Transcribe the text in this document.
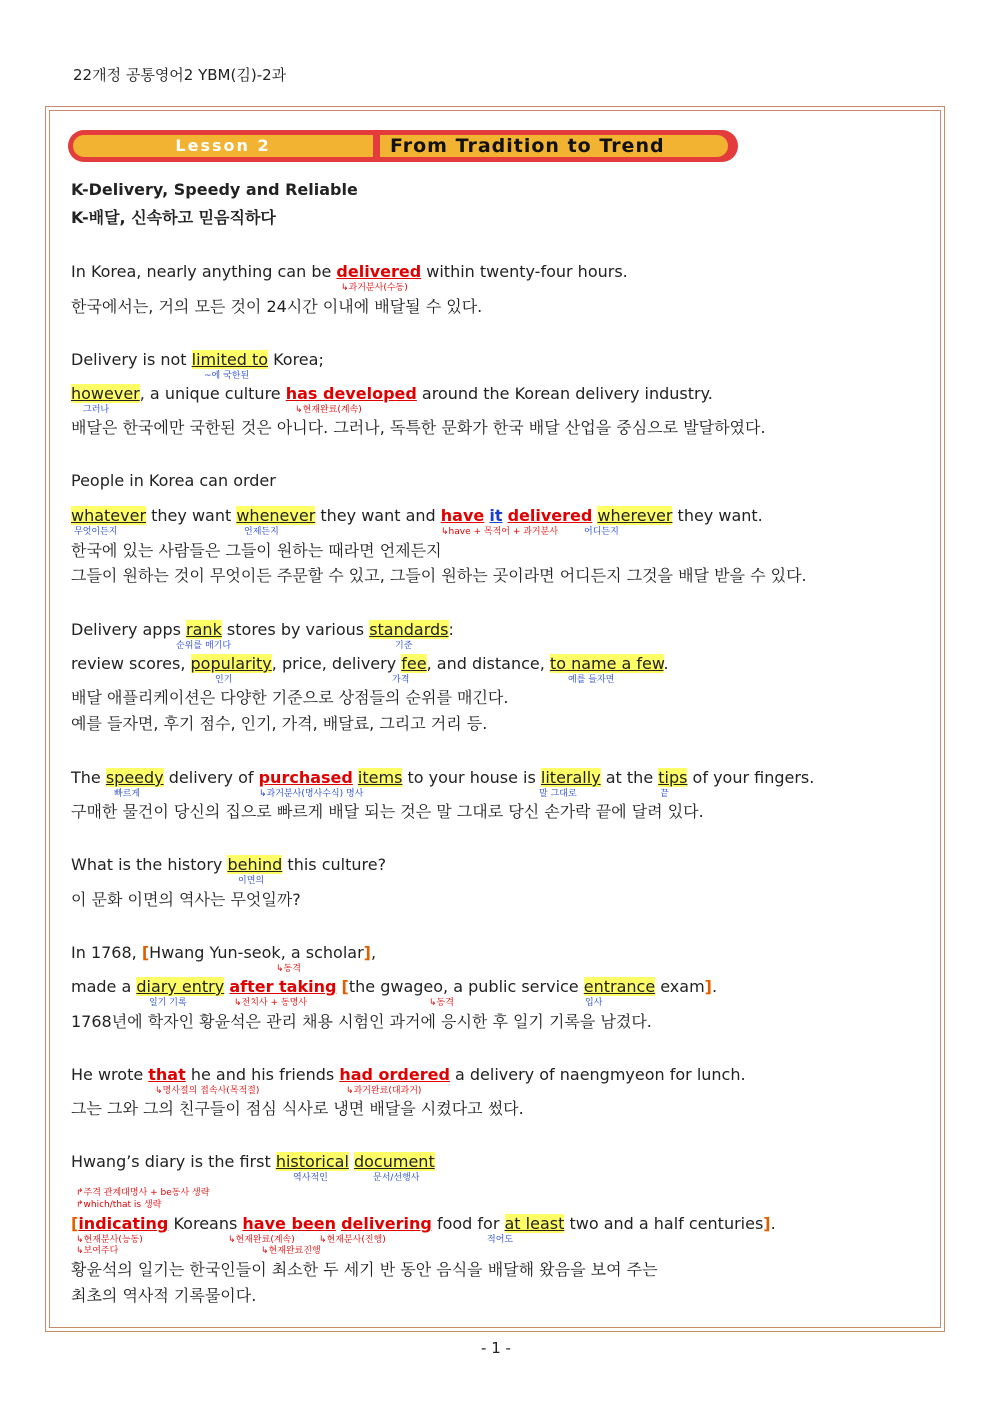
22개정 공통영어2 YBM(김)-2과
Lesson 2	From Tradition to Trend
K-Delivery, Speedy and Reliable
K-배달, 신속하고 믿음직하다
In Korea, nearly anything can be delivered within twenty-four hours.
↳과거분사(수동)
한국에서는, 거의 모든 것이 24시간 이내에 배달될 수 있다.
Delivery is not limited to Korea;
~에 국한된
however, a unique culture has developed around the Korean delivery industry.
그러나	↳현재완료(계속)
배달은 한국에만 국한된 것은 아니다. 그러나, 독특한 문화가 한국 배달 산업을 중심으로 발달하였다.
People in Korea can order
whatever they want whenever they want and have it delivered wherever they want.
무엇이든지	언제든지	↳have + 목적어 + 과거분사	어디든지
한국에 있는 사람들은 그들이 원하는 때라면 언제든지
그들이 원하는 것이 무엇이든 주문할 수 있고, 그들이 원하는 곳이라면 어디든지 그것을 배달 받을 수 있다.
Delivery apps rank stores by various standards:
순위를 매기다	기준
review scores, popularity, price, delivery fee, and distance, to name a few.
인기	가격	예를 들자면
배달 애플리케이션은 다양한 기준으로 상점들의 순위를 매긴다.
예를 들자면, 후기 점수, 인기, 가격, 배달료, 그리고 거리 등.
The speedy delivery of purchased items to your house is literally at the tips of your fingers.
빠르게	↳과거분사(명사수식) 명사	말 그대로	끝
구매한 물건이 당신의 집으로 빠르게 배달 되는 것은 말 그대로 당신 손가락 끝에 달려 있다.
What is the history behind this culture?
이면의
이 문화 이면의 역사는 무엇일까?
In 1768, [Hwang Yun-seok, a scholar],
↳동격
made a diary entry after taking [the gwageo, a public service entrance exam].
일기 기록	↳전치사 + 동명사	↳동격	입사
1768년에 학자인 황윤석은 관리 채용 시험인 과거에 응시한 후 일기 기록을 남겼다.
He wrote that he and his friends had ordered a delivery of naengmyeon for lunch.
↳명사절의 접속사(목적절)	↳과거완료(대과거)
그는 그와 그의 친구들이 점심 식사로 냉면 배달을 시켰다고 썼다.
Hwang’s diary is the first historical document
역사적인	문서/선행사
↱주격 관계대명사 + be동사 생략
↱which/that is 생략
[indicating Koreans have been delivering food for at least two and a half centuries].
↳현재분사(능동)
↳보여주다
↳현재완료(계속)	↳현재분사(진행)
↳현재완료진행
적어도
황윤석의 일기는 한국인들이 최소한 두 세기 반 동안 음식을 배달해 왔음을 보여 주는
최초의 역사적 기록물이다.
- 1 -
